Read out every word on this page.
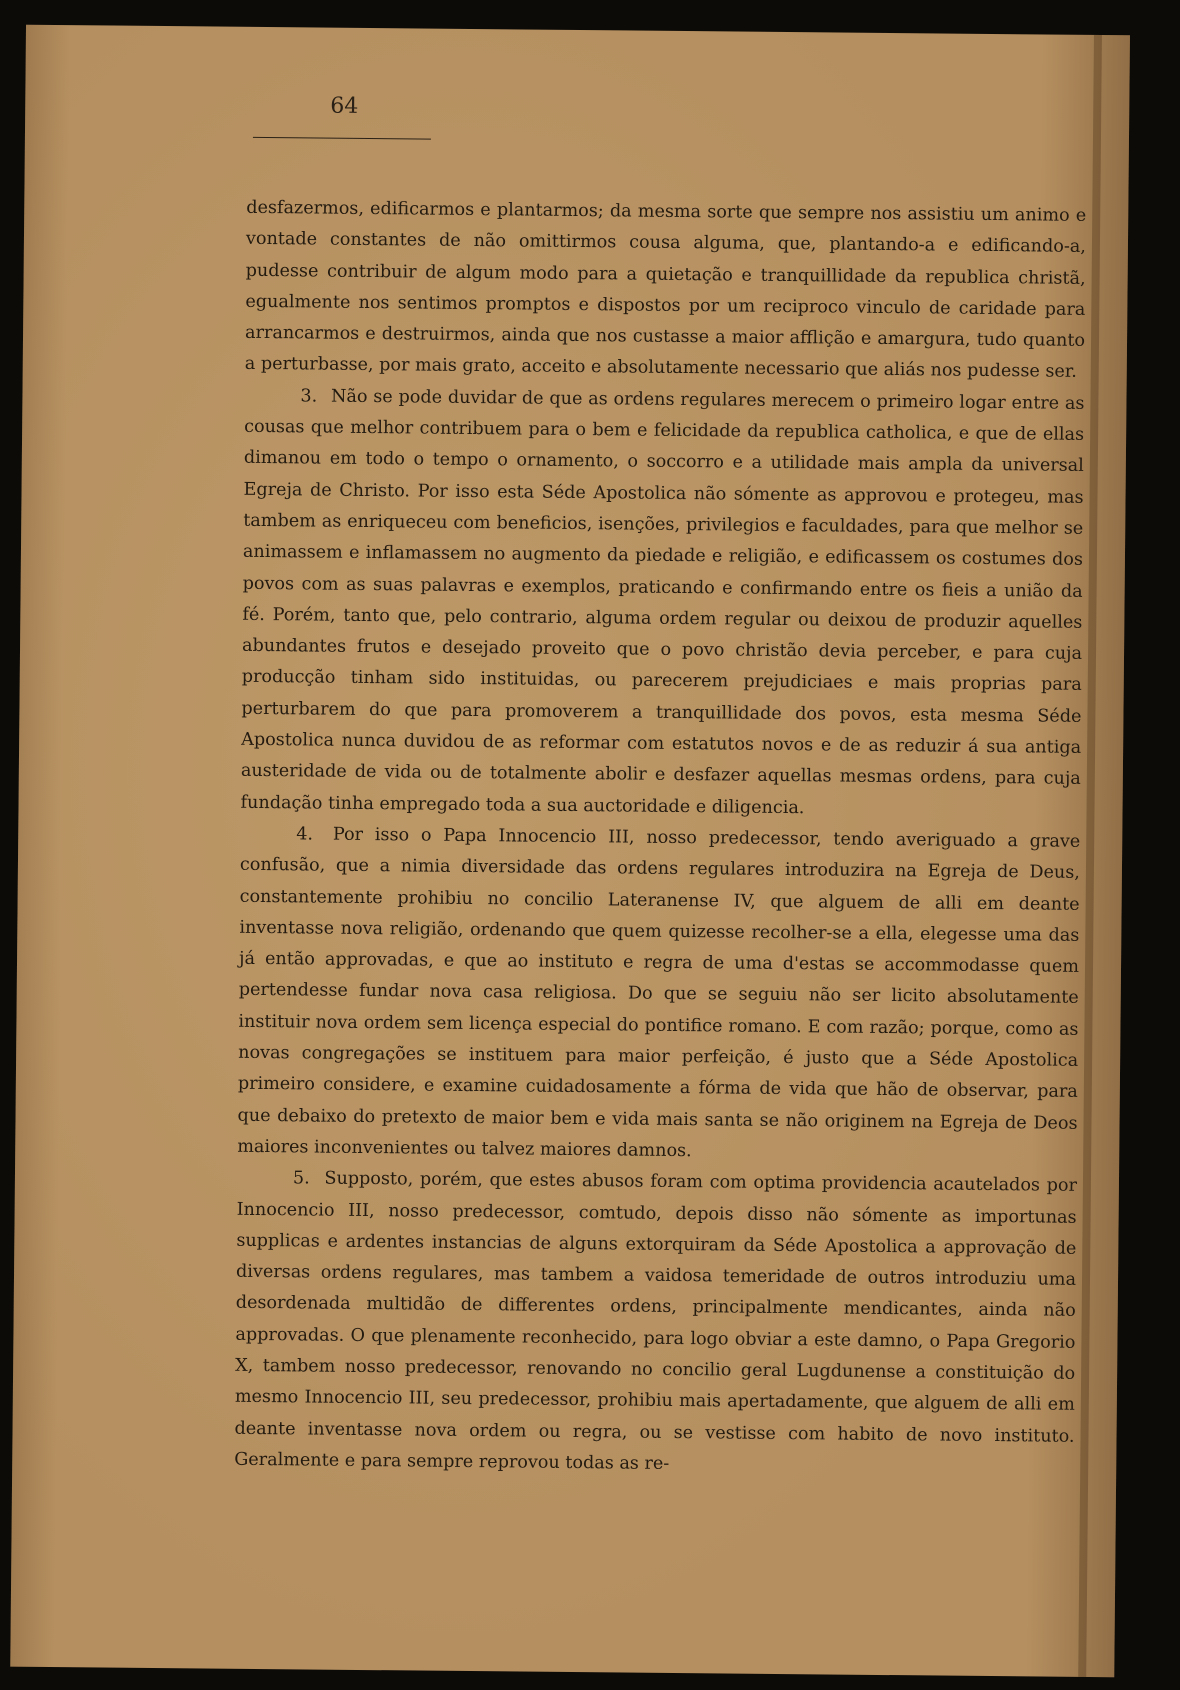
64

desfazermos, edificarmos e plantarmos; da mesma sorte que sempre nos assistiu um animo e vontade constantes de não omittirmos cousa alguma, que, plantando-a e edificando-a, pudesse contribuir de algum modo para a quietação e tranquillidade da republica christã, egualmente nos sentimos promptos e dispostos por um reciproco vinculo de caridade para arrancarmos e destruirmos, ainda que nos custasse a maior afflição e amargura, tudo quanto a perturbasse, por mais grato, acceito e absolutamente necessario que aliás nos pudesse ser.

3. Não se pode duvidar de que as ordens regulares merecem o primeiro logar entre as cousas que melhor contribuem para o bem e felicidade da republica catholica, e que de ellas dimanou em todo o tempo o ornamento, o soccorro e a utilidade mais ampla da universal Egreja de Christo. Por isso esta Séde Apostolica não sómente as approvou e protegeu, mas tambem as enriqueceu com beneficios, isenções, privilegios e faculdades, para que melhor se animassem e inflamassem no augmento da piedade e religião, e edificassem os costumes dos povos com as suas palavras e exemplos, praticando e confirmando entre os fieis a união da fé. Porém, tanto que, pelo contrario, alguma ordem regular ou deixou de produzir aquelles abundantes frutos e desejado proveito que o povo christão devia perceber, e para cuja producção tinham sido instituidas, ou parecerem prejudiciaes e mais proprias para perturbarem do que para promoverem a tranquillidade dos povos, esta mesma Séde Apostolica nunca duvidou de as reformar com estatutos novos e de as reduzir á sua antiga austeridade de vida ou de totalmente abolir e desfazer aquellas mesmas ordens, para cuja fundação tinha empregado toda a sua auctoridade e diligencia.

4. Por isso o Papa Innocencio III, nosso predecessor, tendo averiguado a grave confusão, que a nimia diversidade das ordens regulares introduzira na Egreja de Deus, constantemente prohibiu no concilio Lateranense IV, que alguem de alli em deante inventasse nova religião, ordenando que quem quizesse recolher-se a ella, elegesse uma das já então approvadas, e que ao instituto e regra de uma d'estas se accommodasse quem pertendesse fundar nova casa religiosa. Do que se seguiu não ser licito absolutamente instituir nova ordem sem licença especial do pontifice romano. E com razão; porque, como as novas congregações se instituem para maior perfeição, é justo que a Séde Apostolica primeiro considere, e examine cuidadosamente a fórma de vida que hão de observar, para que debaixo do pretexto de maior bem e vida mais santa se não originem na Egreja de Deos maiores inconvenientes ou talvez maiores damnos.

5. Supposto, porém, que estes abusos foram com optima providencia acautelados por Innocencio III, nosso predecessor, comtudo, depois disso não sómente as importunas supplicas e ardentes instancias de alguns extorquiram da Séde Apostolica a approvação de diversas ordens regulares, mas tambem a vaidosa temeridade de outros introduziu uma desordenada multidão de differentes ordens, principalmente mendicantes, ainda não approvadas. O que plenamente reconhecido, para logo obviar a este damno, o Papa Gregorio X, tambem nosso predecessor, renovando no concilio geral Lugdunense a constituição do mesmo Innocencio III, seu predecessor, prohibiu mais apertadamente, que alguem de alli em deante inventasse nova ordem ou regra, ou se vestisse com habito de novo instituto. Geralmente e para sempre reprovou todas as re-
